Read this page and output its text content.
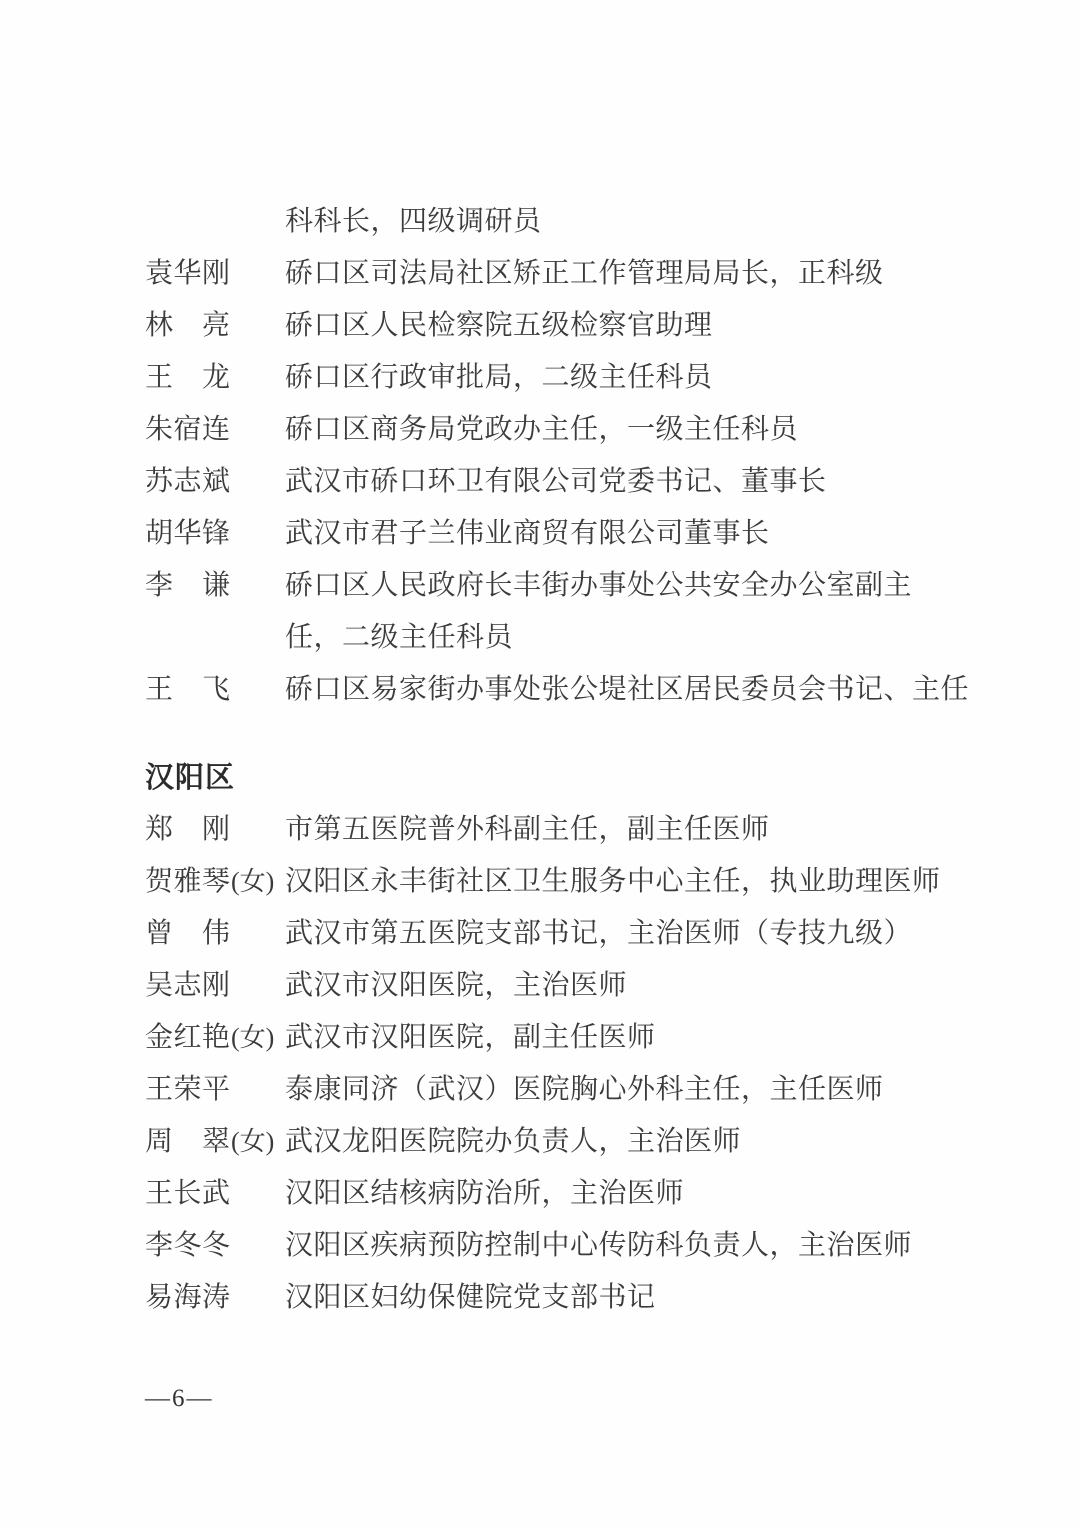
科科长，四级调研员
袁华刚 硚口区司法局社区矫正工作管理局局长，正科级
林　亮 硚口区人民检察院五级检察官助理
王　龙 硚口区行政审批局，二级主任科员
朱宿连 硚口区商务局党政办主任，一级主任科员
苏志斌 武汉市硚口环卫有限公司党委书记、董事长
胡华锋 武汉市君子兰伟业商贸有限公司董事长
李　谦 硚口区人民政府长丰街办事处公共安全办公室副主
任，二级主任科员
王　飞 硚口区易家街办事处张公堤社区居民委员会书记、主任
汉阳区
郑　刚 市第五医院普外科副主任，副主任医师
贺雅琴 (女) 汉阳区永丰街社区卫生服务中心主任，执业助理医师
曾　伟 武汉市第五医院支部书记，主治医师（专技九级）
吴志刚 武汉市汉阳医院，主治医师
金红艳 (女) 武汉市汉阳医院，副主任医师
王荣平 泰康同济（武汉）医院胸心外科主任，主任医师
周　翠 (女) 武汉龙阳医院院办负责人，主治医师
王长武 汉阳区结核病防治所，主治医师
李冬冬 汉阳区疾病预防控制中心传防科负责人，主治医师
易海涛 汉阳区妇幼保健院党支部书记
—6—
